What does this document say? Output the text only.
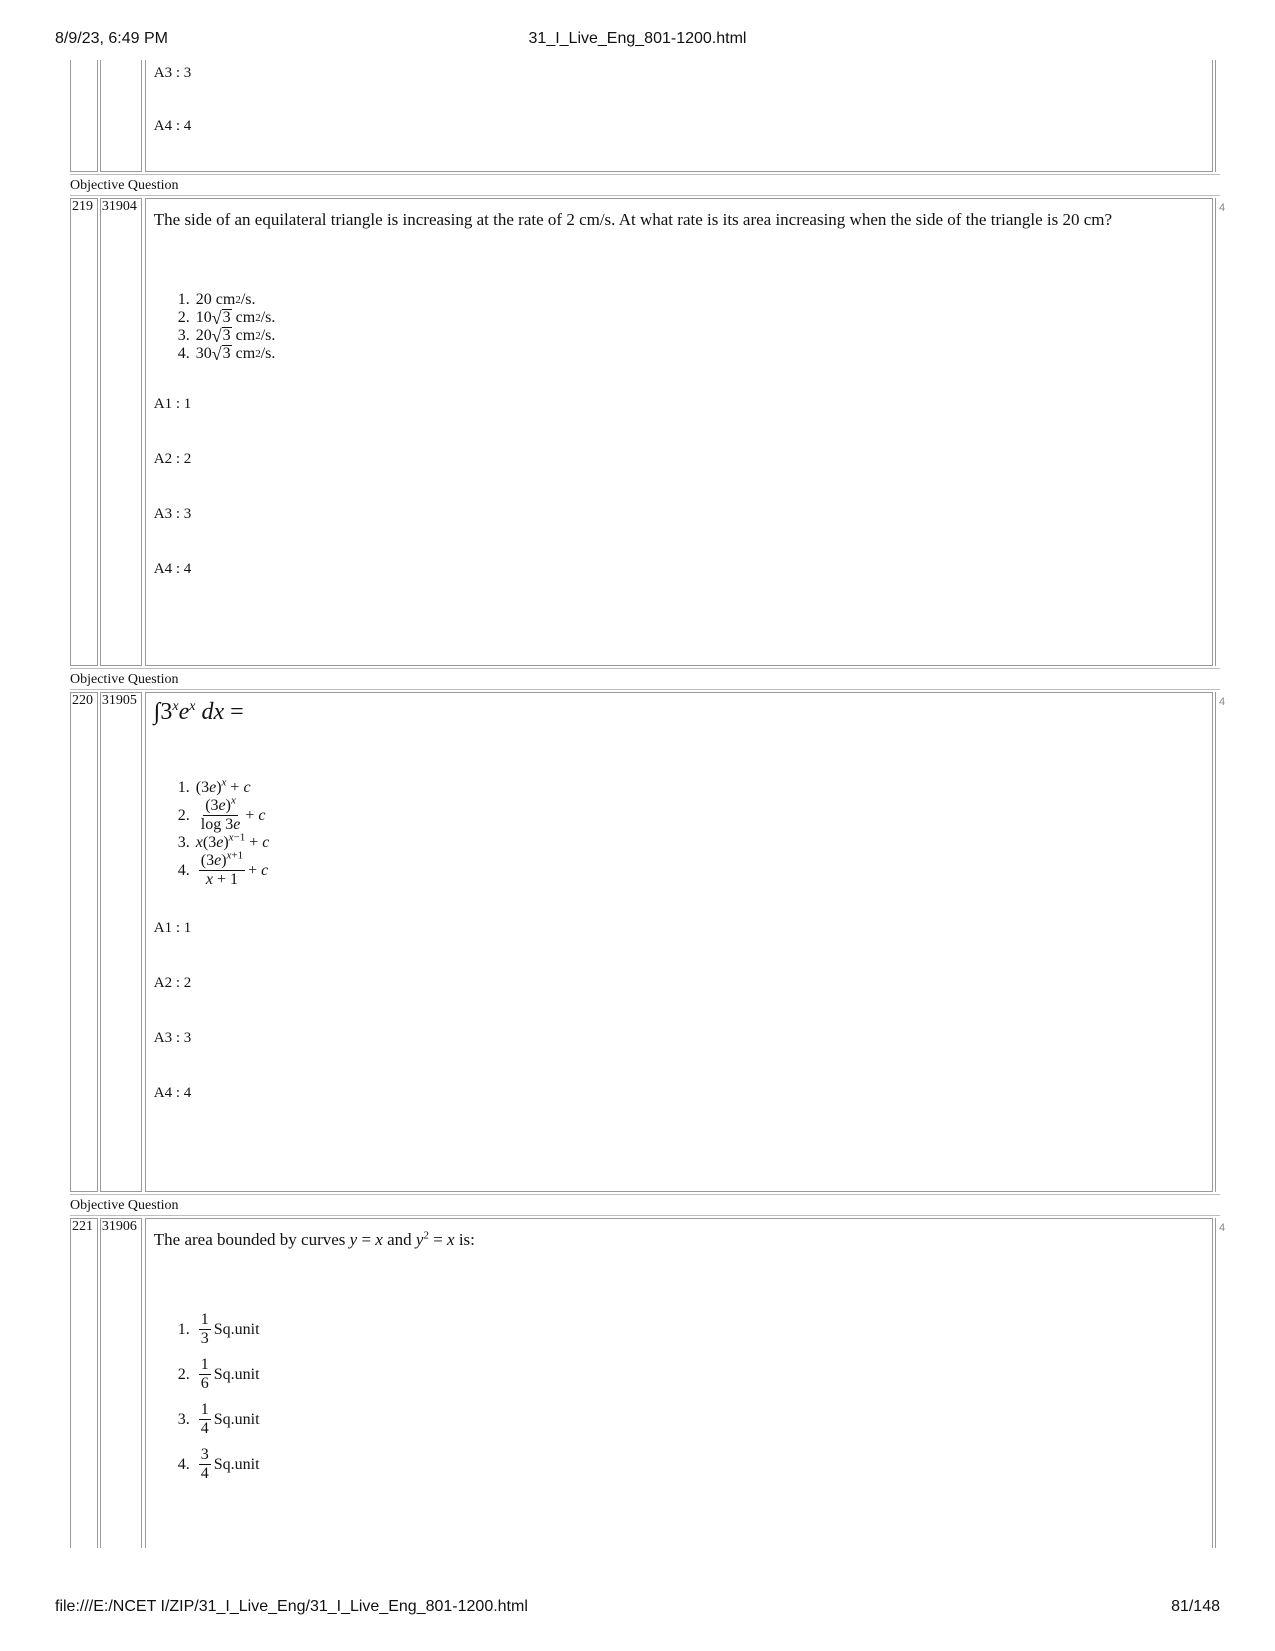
8/9/23, 6:49 PM	31_I_Live_Eng_801-1200.html
A3 : 3
A4 : 4
Objective Question
219 31904
The side of an equilateral triangle is increasing at the rate of 2 cm/s. At what rate is its area increasing when the side of the triangle is 20 cm?
1. 20 cm 2 /s.
2. 10 √ 3
cm 2 /s.
3. 20 √ 3
cm 2 /s.
4. 30 √ 3
cm 2 /s.
A1 : 1
A2 : 2
A3 : 3
A4 : 4
4
Objective Question
220 31905 $\int 3^xe^x$ dx =
1. $(3e)^x + c$
2. $\frac{(3e)^x}{\log 3e} + c$
3. $x(3e)^{x-1} + c$
4. $\frac{(3e)^{x+1}}{x + 1} + c$
A1 : 1
A2 : 2
A3 : 3
A4 : 4
4
Objective Question
221 31906
The area bounded by curves y = x and $y^2 = x$ is:
1. $\frac{1}{3}$ Sq.unit
2. $\frac{1}{6}$ Sq.unit
3. $\frac{1}{4}$ Sq.unit
4. $\frac{3}{4}$ Sq.unit
4
file:///E:/NCET I/ZIP/31_I_Live_Eng/31_I_Live_Eng_801-1200.html	81/148
